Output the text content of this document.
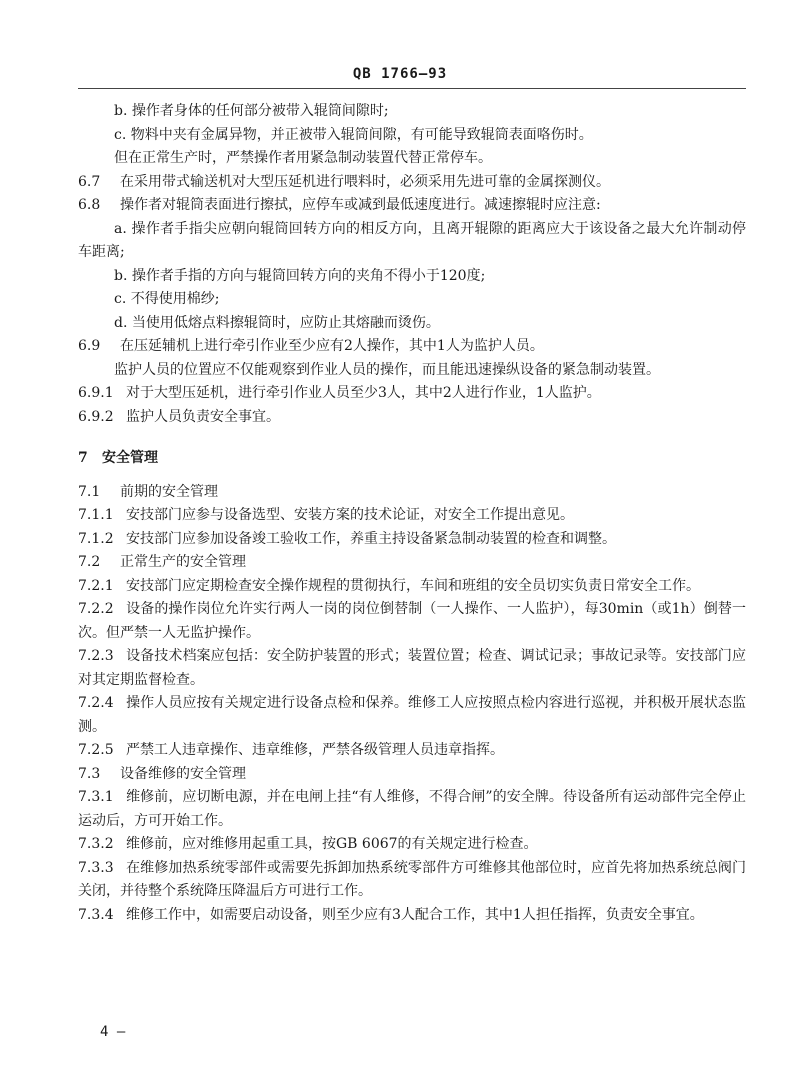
QB 1766—93
b. 操作者身体的任何部分被带入辊筒间隙时;
c. 物料中夹有金属异物，并正被带入辊筒间隙，有可能导致辊筒表面咯伤时。
但在正常生产时，严禁操作者用紧急制动装置代替正常停车。
6.7 在采用带式输送机对大型压延机进行喂料时，必须采用先进可靠的金属探测仪。
6.8 操作者对辊筒表面进行擦拭，应停车或减到最低速度进行。减速擦辊时应注意:
a. 操作者手指尖应朝向辊筒回转方向的相反方向，且离开辊隙的距离应大于该设备之最大允许制动停车距离;
b. 操作者手指的方向与辊筒回转方向的夹角不得小于120度;
c. 不得使用棉纱;
d. 当使用低熔点料擦辊筒时，应防止其熔融而烫伤。
6.9 在压延辅机上进行牵引作业至少应有2人操作，其中1人为监护人员。
监护人员的位置应不仅能观察到作业人员的操作，而且能迅速操纵设备的紧急制动装置。
6.9.1 对于大型压延机，进行牵引作业人员至少3人，其中2人进行作业，1人监护。
6.9.2 监护人员负责安全事宜。
7 安全管理
7.1 前期的安全管理
7.1.1 安技部门应参与设备选型、安装方案的技术论证，对安全工作提出意见。
7.1.2 安技部门应参加设备竣工验收工作，养重主持设备紧急制动装置的检查和调整。
7.2 正常生产的安全管理
7.2.1 安技部门应定期检查安全操作规程的贯彻执行，车间和班组的安全员切实负责日常安全工作。
7.2.2 设备的操作岗位允许实行两人一岗的岗位倒替制（一人操作、一人监护），每30min（或1h）倒替一次。但严禁一人无监护操作。
7.2.3 设备技术档案应包括：安全防护装置的形式；装置位置；检查、调试记录；事故记录等。安技部门应对其定期监督检查。
7.2.4 操作人员应按有关规定进行设备点检和保养。维修工人应按照点检内容进行巡视，并积极开展状态监测。
7.2.5 严禁工人违章操作、违章维修，严禁各级管理人员违章指挥。
7.3 设备维修的安全管理
7.3.1 维修前，应切断电源，并在电闸上挂“有人维修，不得合闸”的安全牌。待设备所有运动部件完全停止运动后，方可开始工作。
7.3.2 维修前，应对维修用起重工具，按GB 6067的有关规定进行检查。
7.3.3 在维修加热系统零部件或需要先拆卸加热系统零部件方可维修其他部位时，应首先将加热系统总阀门关闭，并待整个系统降压降温后方可进行工作。
7.3.4 维修工作中，如需要启动设备，则至少应有3人配合工作，其中1人担任指挥，负责安全事宜。
4 —
